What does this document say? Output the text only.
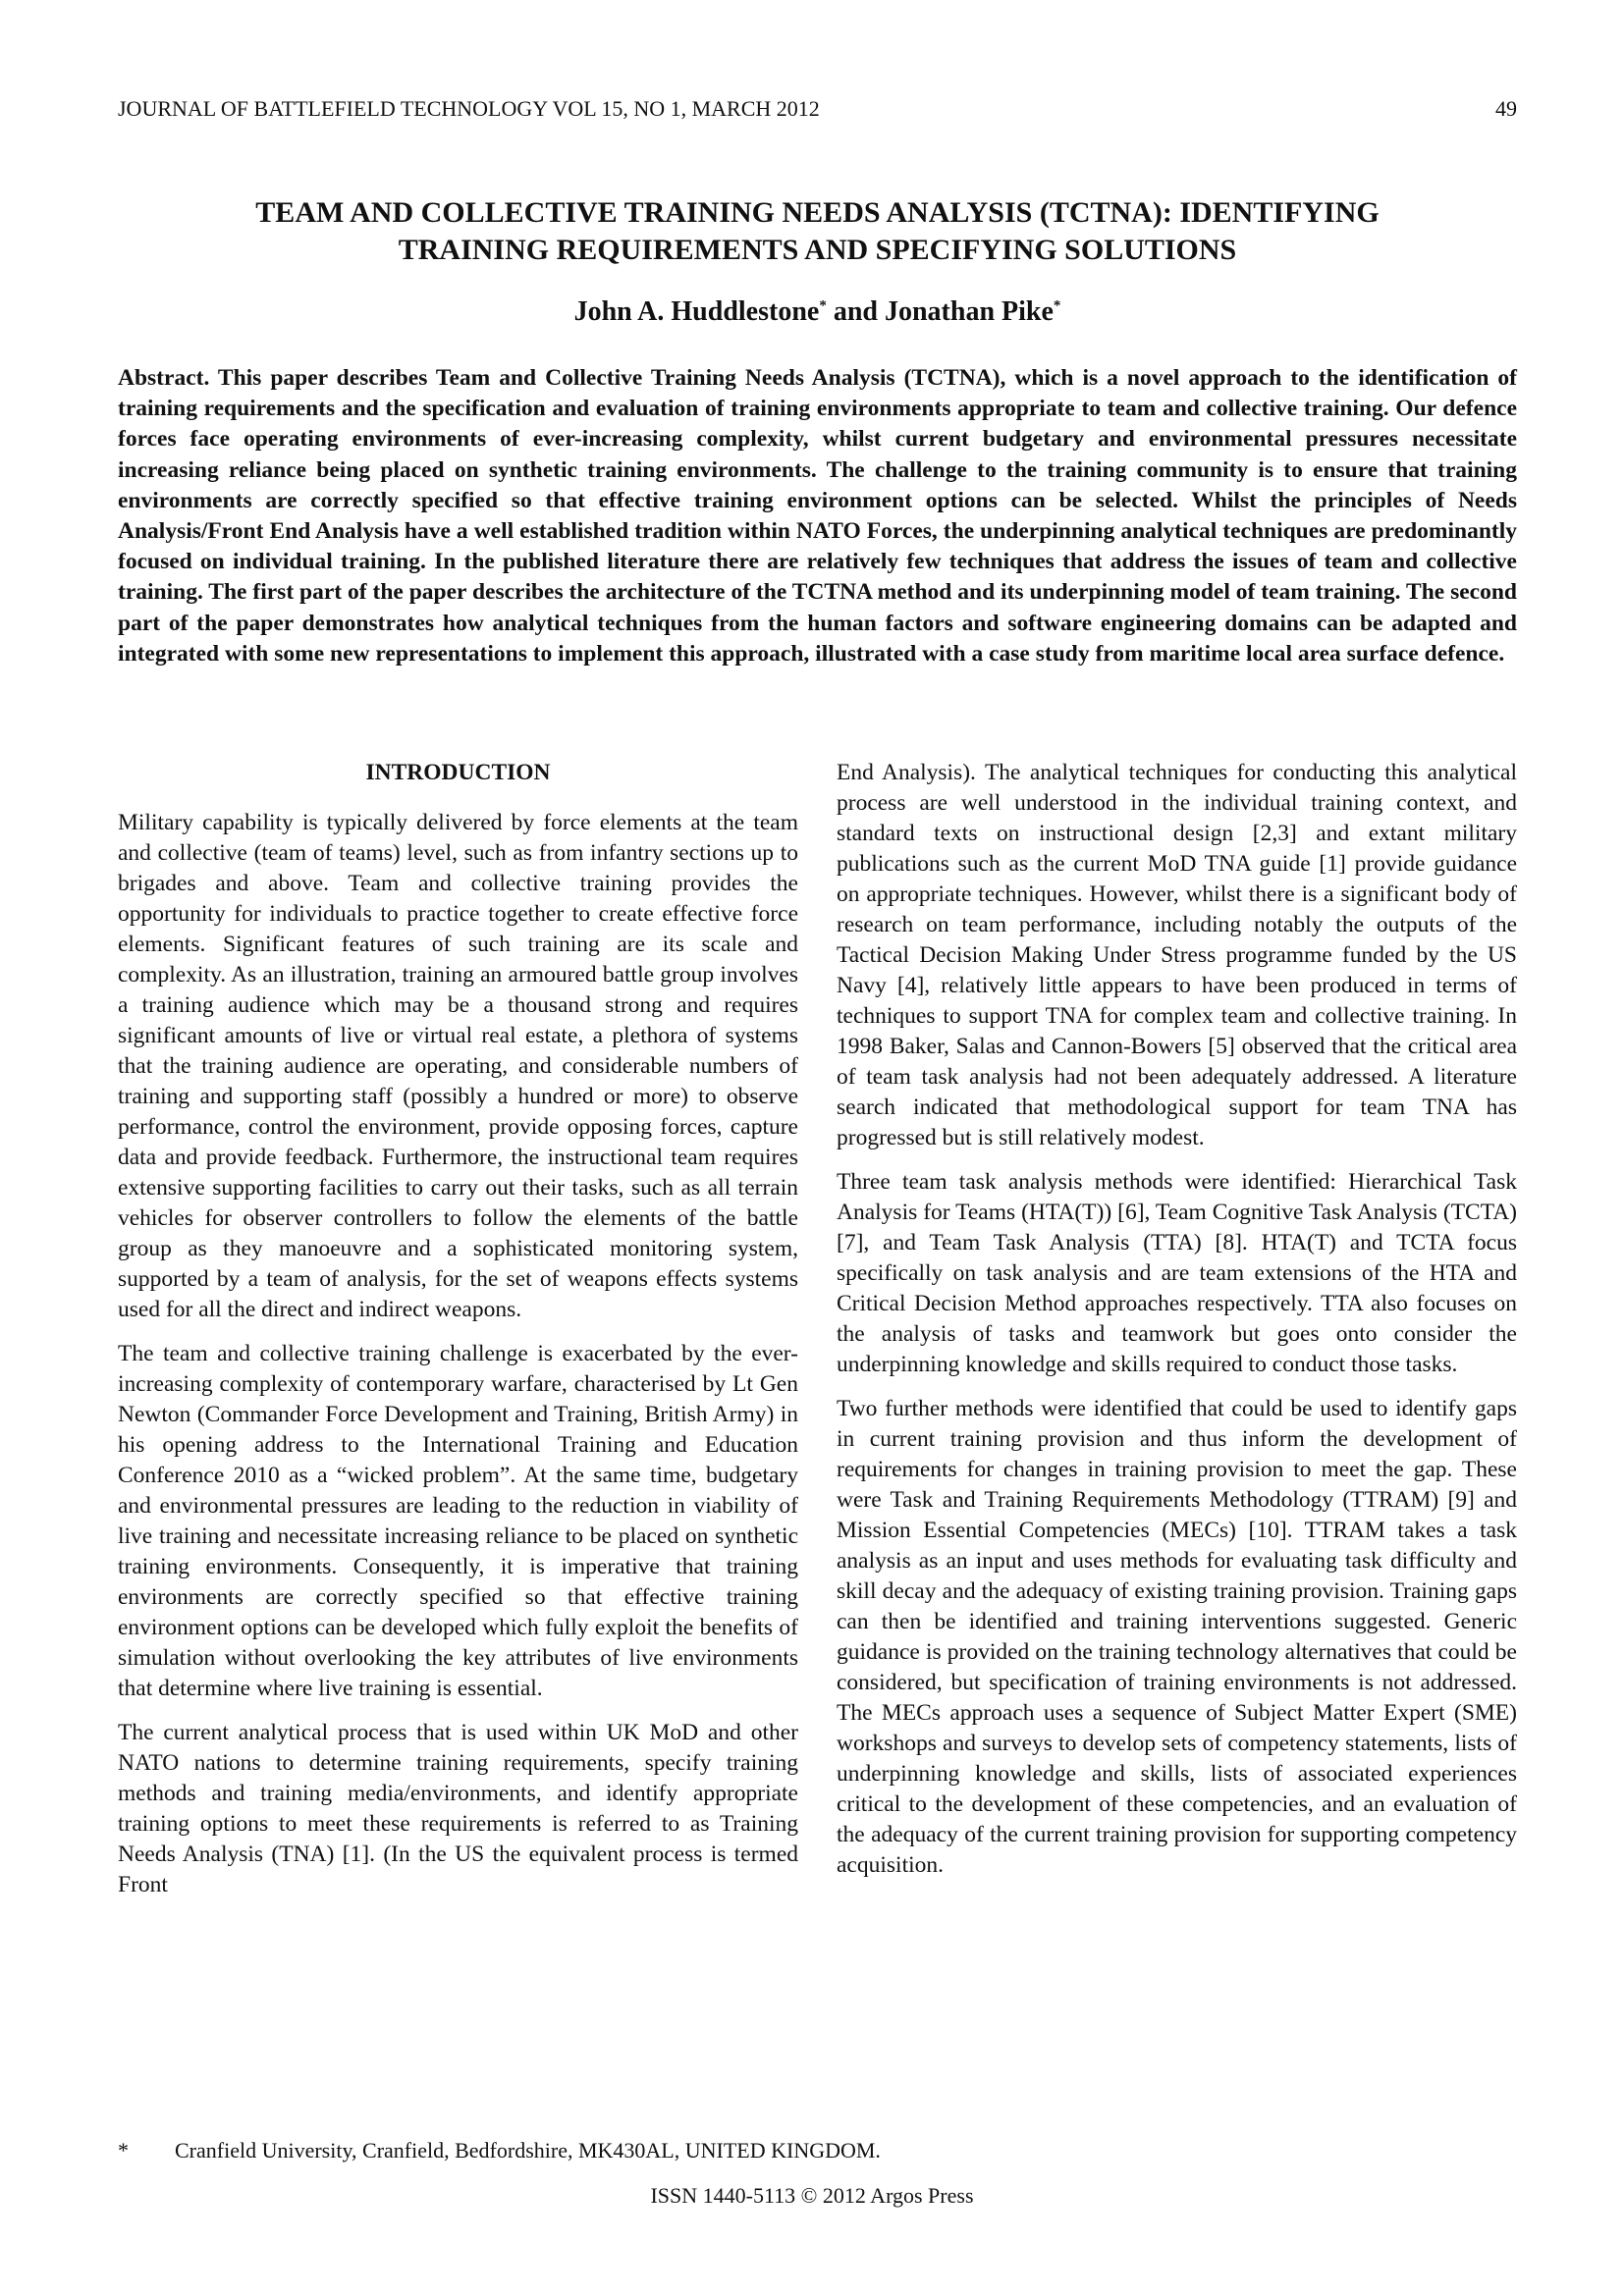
JOURNAL OF BATTLEFIELD TECHNOLOGY VOL 15, NO 1, MARCH 2012	49
TEAM AND COLLECTIVE TRAINING NEEDS ANALYSIS (TCTNA): IDENTIFYING
TRAINING REQUIREMENTS AND SPECIFYING SOLUTIONS
John A. Huddlestone* and Jonathan Pike*

Abstract. This paper describes Team and Collective Training Needs Analysis (TCTNA), which is a novel approach to the identification of training requirements and the specification and evaluation of training environments appropriate to team and collective training. Our defence forces face operating environments of ever-increasing complexity, whilst current budgetary and environmental pressures necessitate increasing reliance being placed on synthetic training environments. The challenge to the training community is to ensure that training environments are correctly specified so that effective training environment options can be selected. Whilst the principles of Needs Analysis/Front End Analysis have a well established tradition within NATO Forces, the underpinning analytical techniques are predominantly focused on individual training. In the published literature there are relatively few techniques that address the issues of team and collective training. The first part of the paper describes the architecture of the TCTNA method and its underpinning model of team training. The second part of the paper demonstrates how analytical techniques from the human factors and software engineering domains can be adapted and integrated with some new representations to implement this approach, illustrated with a case study from maritime local area surface defence.

INTRODUCTION

Military capability is typically delivered by force elements at the team and collective (team of teams) level, such as from infantry sections up to brigades and above. Team and collective training provides the opportunity for individuals to practice together to create effective force elements. Significant features of such training are its scale and complexity. As an illustration, training an armoured battle group involves a training audience which may be a thousand strong and requires significant amounts of live or virtual real estate, a plethora of systems that the training audience are operating, and considerable numbers of training and supporting staff (possibly a hundred or more) to observe performance, control the environment, provide opposing forces, capture data and provide feedback. Furthermore, the instructional team requires extensive supporting facilities to carry out their tasks, such as all terrain vehicles for observer controllers to follow the elements of the battle group as they manoeuvre and a sophisticated monitoring system, supported by a team of analysis, for the set of weapons effects systems used for all the direct and indirect weapons.

The team and collective training challenge is exacerbated by the ever-increasing complexity of contemporary warfare, characterised by Lt Gen Newton (Commander Force Development and Training, British Army) in his opening address to the International Training and Education Conference 2010 as a “wicked problem”. At the same time, budgetary and environmental pressures are leading to the reduction in viability of live training and necessitate increasing reliance to be placed on synthetic training environments. Consequently, it is imperative that training environments are correctly specified so that effective training environment options can be developed which fully exploit the benefits of simulation without overlooking the key attributes of live environments that determine where live training is essential.

The current analytical process that is used within UK MoD and other NATO nations to determine training requirements, specify training methods and training media/environments, and identify appropriate training options to meet these requirements is referred to as Training Needs Analysis (TNA) [1]. (In the US the equivalent process is termed Front

End Analysis). The analytical techniques for conducting this analytical process are well understood in the individual training context, and standard texts on instructional design [2,3] and extant military publications such as the current MoD TNA guide [1] provide guidance on appropriate techniques. However, whilst there is a significant body of research on team performance, including notably the outputs of the Tactical Decision Making Under Stress programme funded by the US Navy [4], relatively little appears to have been produced in terms of techniques to support TNA for complex team and collective training. In 1998 Baker, Salas and Cannon-Bowers [5] observed that the critical area of team task analysis had not been adequately addressed. A literature search indicated that methodological support for team TNA has progressed but is still relatively modest.

Three team task analysis methods were identified: Hierarchical Task Analysis for Teams (HTA(T)) [6], Team Cognitive Task Analysis (TCTA) [7], and Team Task Analysis (TTA) [8]. HTA(T) and TCTA focus specifically on task analysis and are team extensions of the HTA and Critical Decision Method approaches respectively. TTA also focuses on the analysis of tasks and teamwork but goes onto consider the underpinning knowledge and skills required to conduct those tasks.

Two further methods were identified that could be used to identify gaps in current training provision and thus inform the development of requirements for changes in training provision to meet the gap. These were Task and Training Requirements Methodology (TTRAM) [9] and Mission Essential Competencies (MECs) [10]. TTRAM takes a task analysis as an input and uses methods for evaluating task difficulty and skill decay and the adequacy of existing training provision. Training gaps can then be identified and training interventions suggested. Generic guidance is provided on the training technology alternatives that could be considered, but specification of training environments is not addressed. The MECs approach uses a sequence of Subject Matter Expert (SME) workshops and surveys to develop sets of competency statements, lists of underpinning knowledge and skills, lists of associated experiences critical to the development of these competencies, and an evaluation of the adequacy of the current training provision for supporting competency acquisition.

* Cranfield University, Cranfield, Bedfordshire, MK430AL, UNITED KINGDOM.
ISSN 1440-5113 © 2012 Argos Press
